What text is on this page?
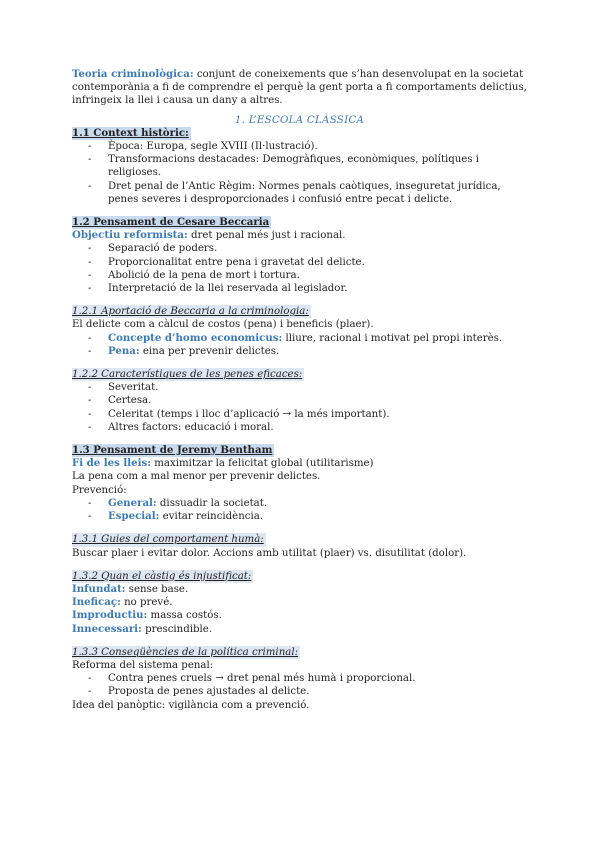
Teoria criminològica: conjunt de coneixements que s’han desenvolupat en la societat contemporània a fi de comprendre el perquè la gent porta a fi comportaments delictius, infringeix la llei i causa un dany a altres.

1. L’ESCOLA CLÀSSICA

1.1 Context històric:
- Època: Europa, segle XVIII (Il·lustració).
- Transformacions destacades: Demogràfiques, econòmiques, polítiques i religioses.
- Dret penal de l’Antic Règim: Normes penals caòtiques, inseguretat jurídica, penes severes i desproporcionades i confusió entre pecat i delicte.
1.2 Pensament de Cesare Beccaria

Objectiu reformista: dret penal més just i racional.

- Separació de poders.
- Proporcionalitat entre pena i gravetat del delicte.
- Abolició de la pena de mort i tortura.
- Interpretació de la llei reservada al legislador.
1.2.1 Aportació de Beccaria a la criminologia:

El delicte com a càlcul de costos (pena) i beneficis (plaer).

- Concepte d’homo economicus: lliure, racional i motivat pel propi interès.
- Pena: eina per prevenir delictes.
1.2.2 Característiques de les penes eficaces:
- Severitat.
- Certesa.
- Celeritat (temps i lloc d’aplicació → la més important).
- Altres factors: educació i moral.
1.3 Pensament de Jeremy Bentham

Fi de les lleis: maximitzar la felicitat global (utilitarisme)

La pena com a mal menor per prevenir delictes.

Prevenció:

- General: dissuadir la societat.
- Especial: evitar reincidència.
1.3.1 Guies del comportament humà:

Buscar plaer i evitar dolor. Accions amb utilitat (plaer) vs. disutilitat (dolor).

1.3.2 Quan el càstig és injustificat:

Infundat: sense base.

Ineficaç: no prevé.

Improductiu: massa costós.

Innecessari: prescindible.

1.3.3 Conseqüències de la política criminal:

Reforma del sistema penal:

- Contra penes cruels → dret penal més humà i proporcional.
- Proposta de penes ajustades al delicte.

Idea del panòptic: vigilància com a prevenció.
